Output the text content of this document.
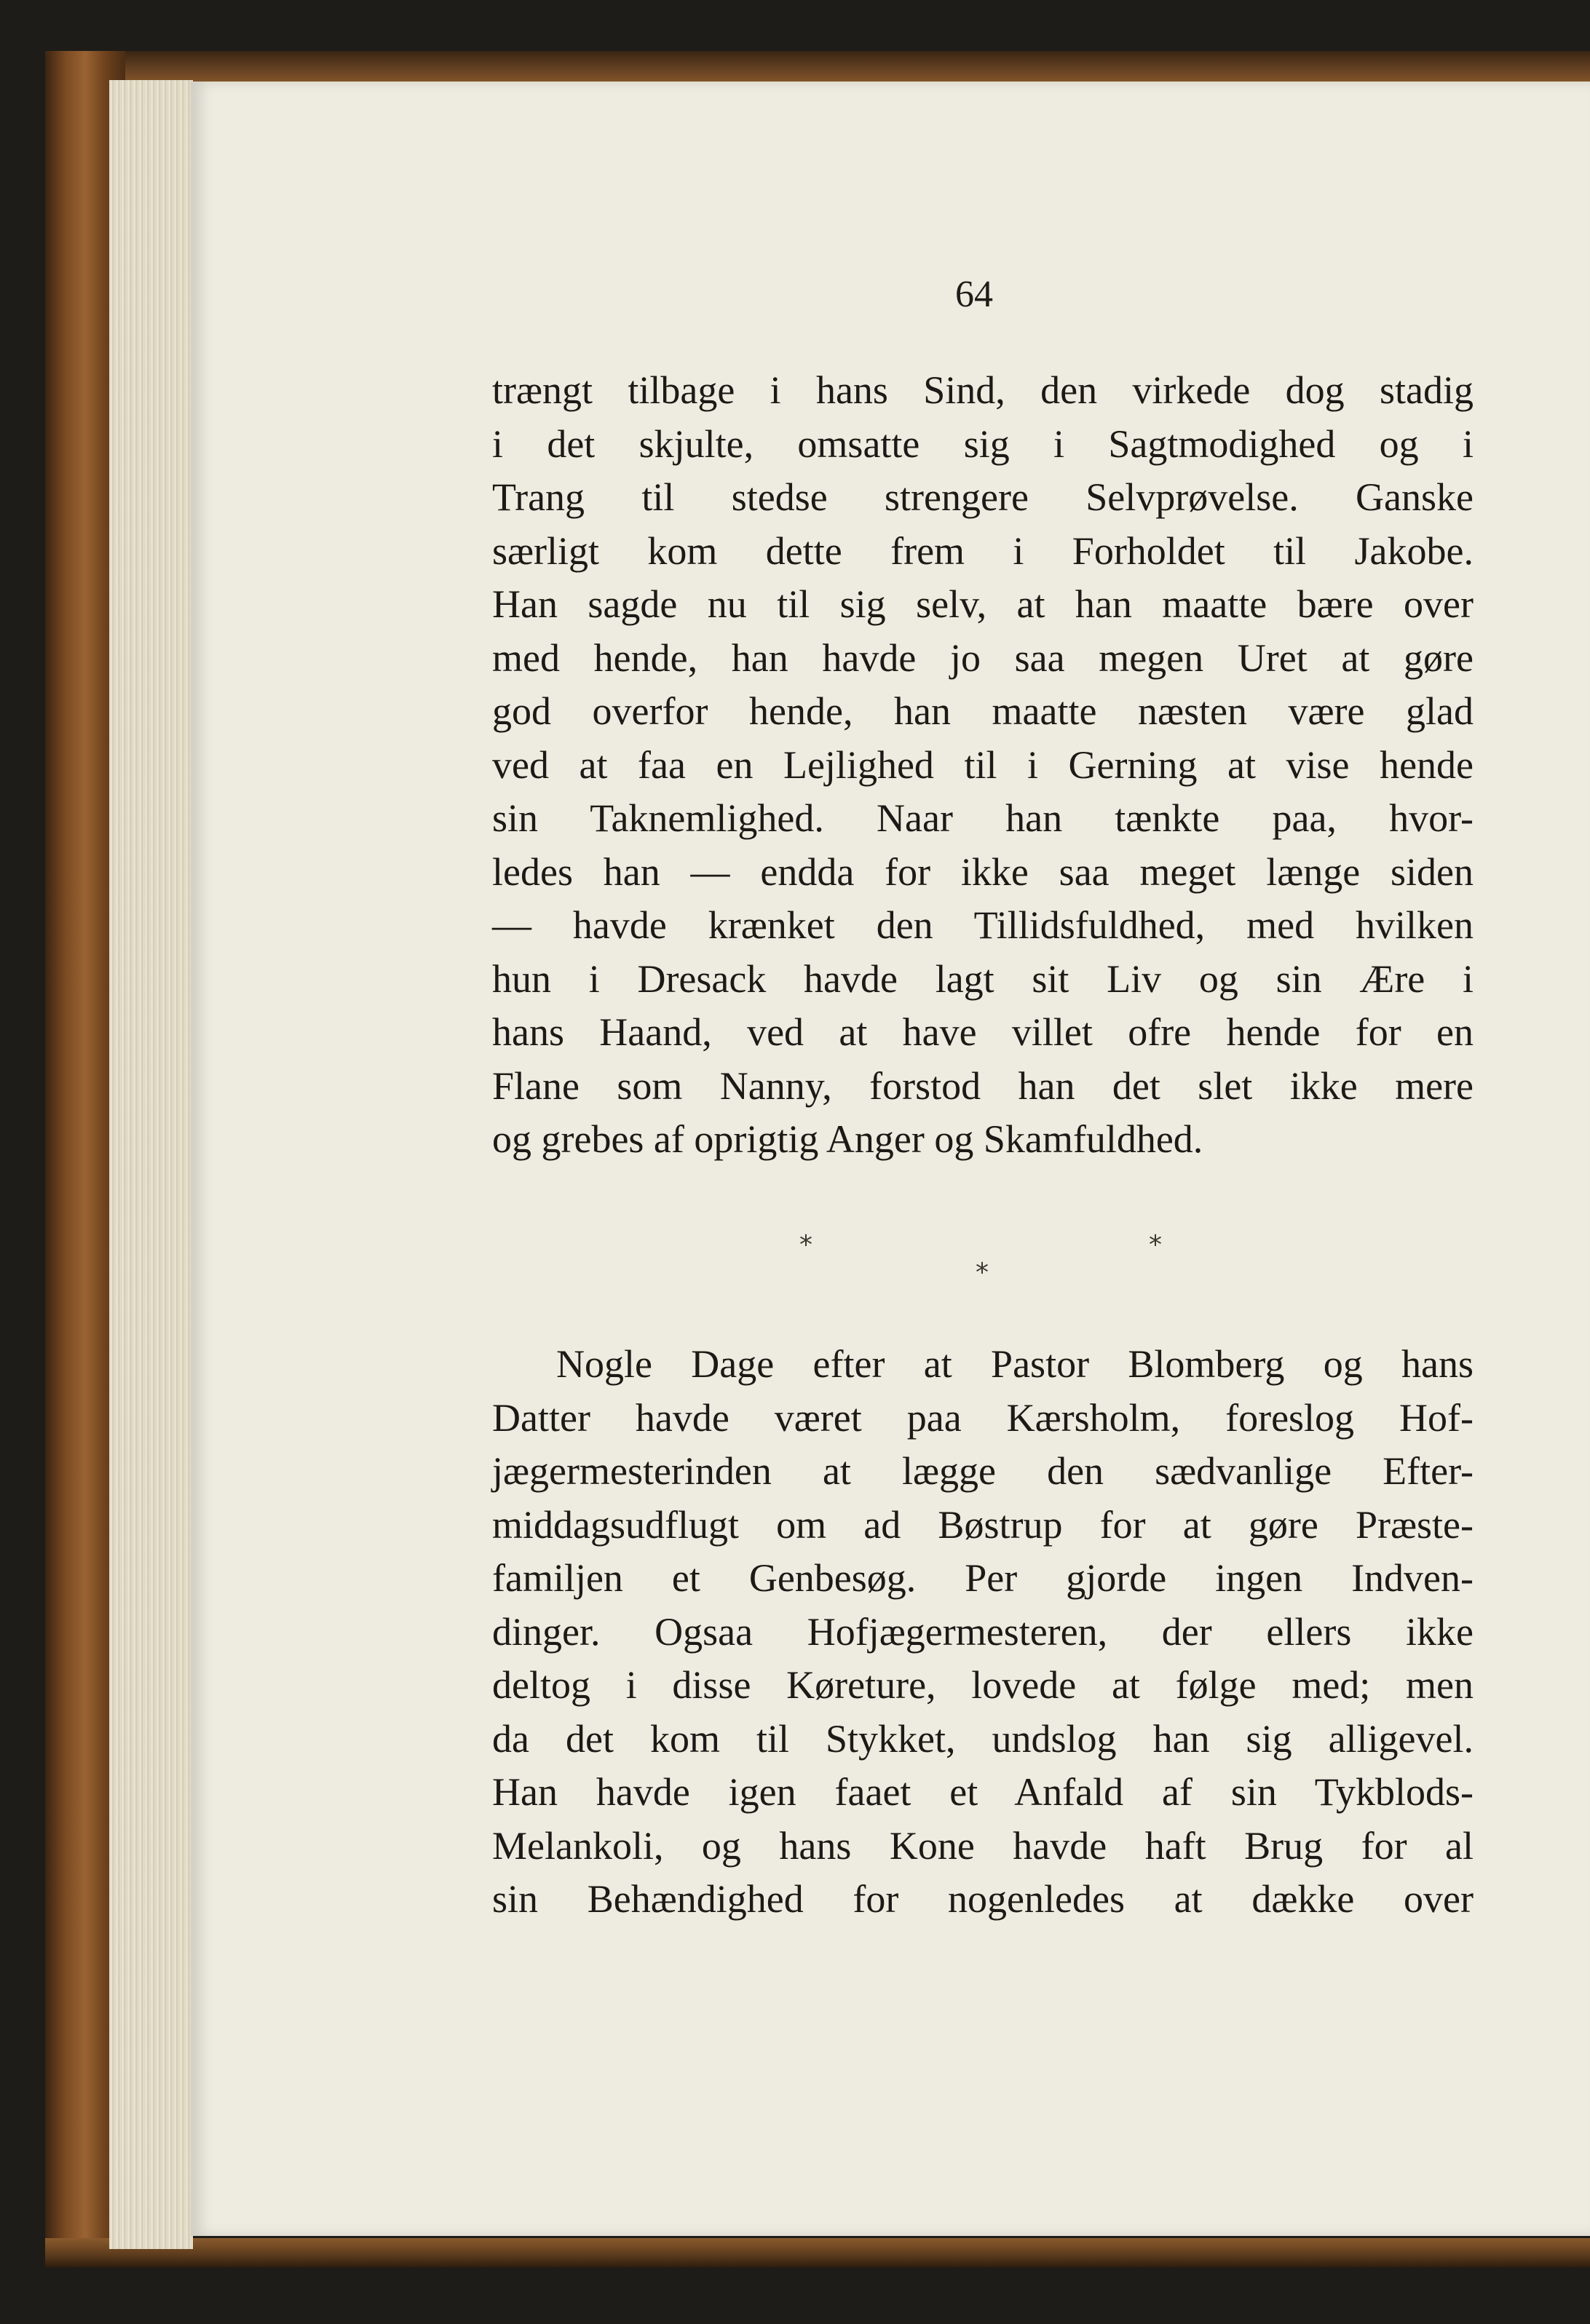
64
trængt tilbage i hans Sind, den virkede dog stadig
i det skjulte, omsatte sig i Sagtmodighed og i
Trang til stedse strengere Selvprøvelse. Ganske
særligt kom dette frem i Forholdet til Jakobe.
Han sagde nu til sig selv, at han maatte bære over
med hende, han havde jo saa megen Uret at gøre
god overfor hende, han maatte næsten være glad
ved at faa en Lejlighed til i Gerning at vise hende
sin Taknemlighed. Naar han tænkte paa, hvor-
ledes han — endda for ikke saa meget længe siden
— havde krænket den Tillidsfuldhed, med hvilken
hun i Dresack havde lagt sit Liv og sin Ære i
hans Haand, ved at have villet ofre hende for en
Flane som Nanny, forstod han det slet ikke mere
og grebes af oprigtig Anger og Skamfuldhed.
*	*
*
Nogle Dage efter at Pastor Blomberg og hans
Datter havde været paa Kærsholm, foreslog Hof-
jægermesterinden at lægge den sædvanlige Efter-
middagsudflugt om ad Bøstrup for at gøre Præste-
familjen et Genbesøg. Per gjorde ingen Indven-
dinger. Ogsaa Hofjægermesteren, der ellers ikke
deltog i disse Køreture, lovede at følge med; men
da det kom til Stykket, undslog han sig alligevel.
Han havde igen faaet et Anfald af sin Tykblods-
Melankoli, og hans Kone havde haft Brug for al
sin Behændighed for nogenledes at dække over
